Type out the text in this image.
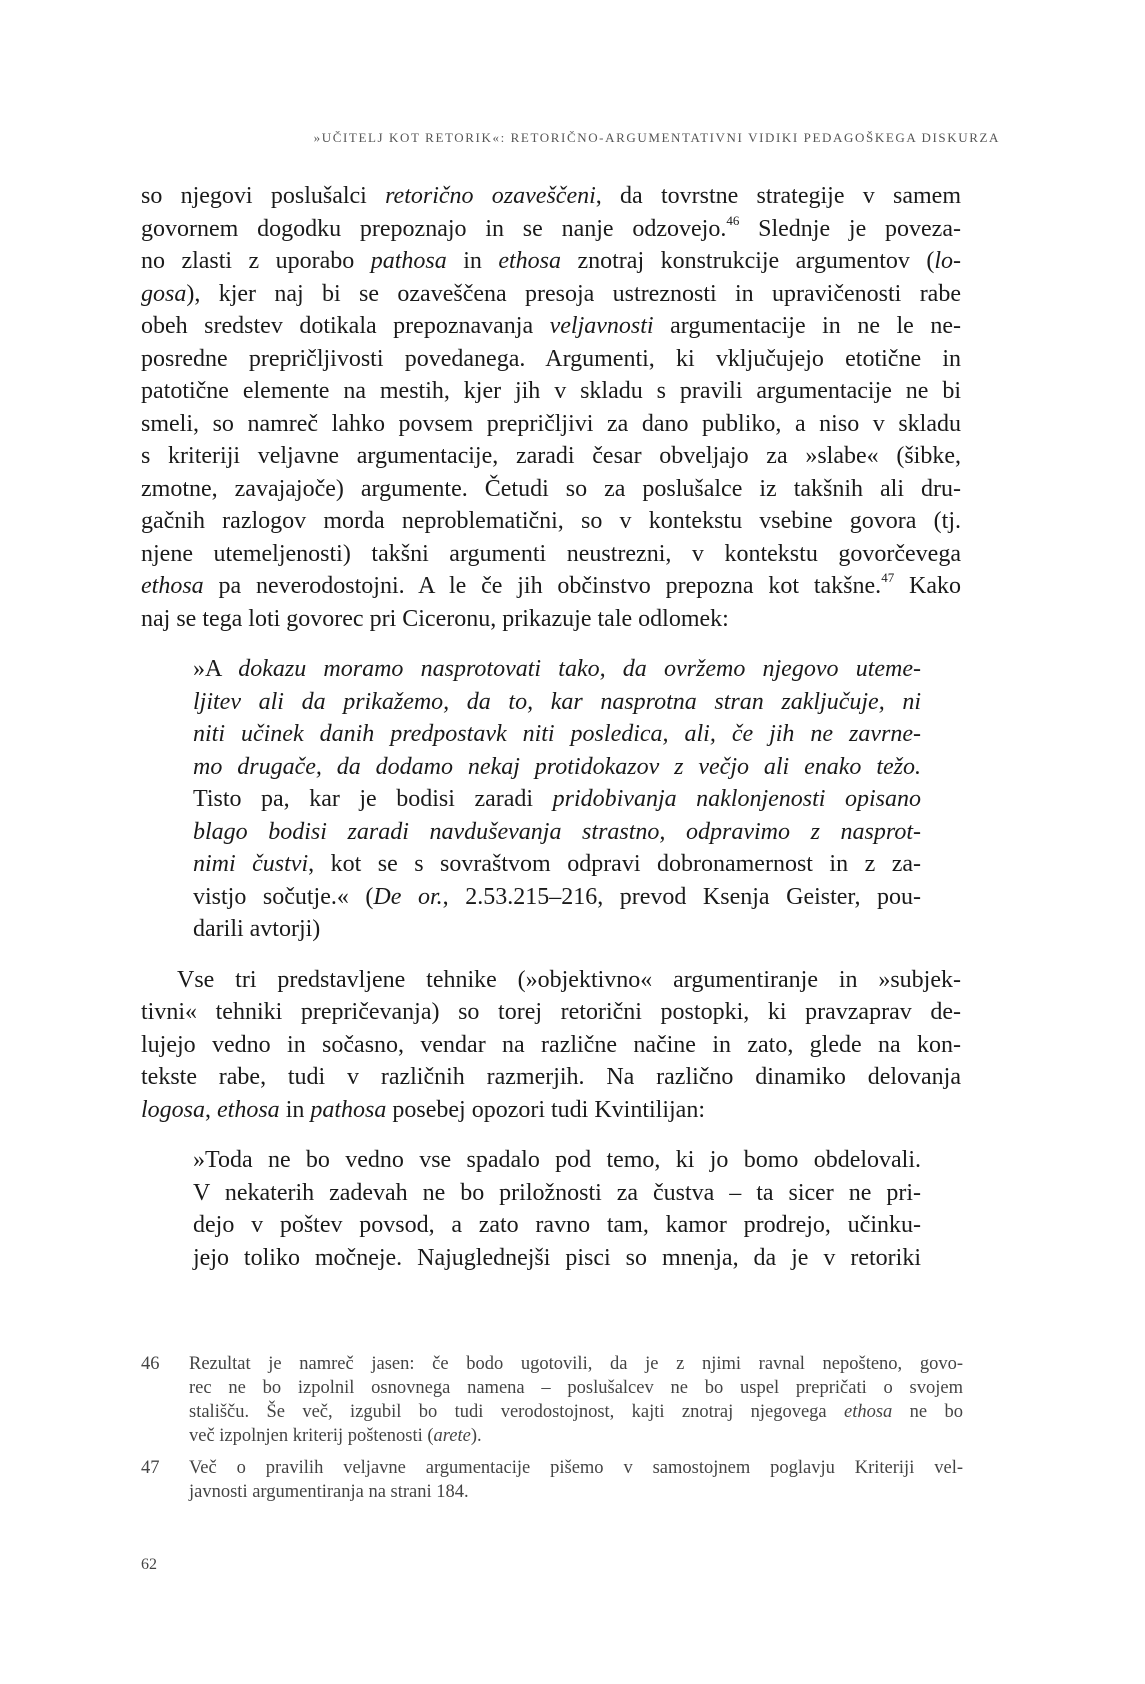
»UČITELJ KOT RETORIK«: RETORIČNO-ARGUMENTATIVNI VIDIKI PEDAGOŠKEGA DISKURZA

so njegovi poslušalci retorično ozaveščeni, da tovrstne strategije v samem
govornem dogodku prepoznajo in se nanje odzovejo.$^{46}$ Slednje je poveza-
no zlasti z uporabo pathosa in ethosa znotraj konstrukcije argumentov (lo-
gosa), kjer naj bi se ozaveščena presoja ustreznosti in upravičenosti rabe
obeh sredstev dotikala prepoznavanja veljavnosti argumentacije in ne le ne-
posredne prepričljivosti povedanega. Argumenti, ki vključujejo etotične in
patotične elemente na mestih, kjer jih v skladu s pravili argumentacije ne bi
smeli, so namreč lahko povsem prepričljivi za dano publiko, a niso v skladu
s kriteriji veljavne argumentacije, zaradi česar obveljajo za »slabe« (šibke,
zmotne, zavajajoče) argumente. Četudi so za poslušalce iz takšnih ali dru-
gačnih razlogov morda neproblematični, so v kontekstu vsebine govora (tj.
njene utemeljenosti) takšni argumenti neustrezni, v kontekstu govorčevega
ethosa pa neverodostojni. A le če jih občinstvo prepozna kot takšne.$^{47}$ Kako
naj se tega loti govorec pri Ciceronu, prikazuje tale odlomek:

»A dokazu moramo nasprotovati tako, da ovržemo njegovo uteme-
ljitev ali da prikažemo, da to, kar nasprotna stran zaključuje, ni
niti učinek danih predpostavk niti posledica, ali, če jih ne zavrne-
mo drugače, da dodamo nekaj protidokazov z večjo ali enako težo.
Tisto pa, kar je bodisi zaradi pridobivanja naklonjenosti opisano
blago bodisi zaradi navduševanja strastno, odpravimo z nasprot-
nimi čustvi, kot se s sovraštvom odpravi dobronamernost in z za-
vistjo sočutje.« (De or., 2.53.215–216, prevod Ksenja Geister, pou-
darili avtorji)

  Vse tri predstavljene tehnike (»objektivno« argumentiranje in »subjek-
tivni« tehniki prepričevanja) so torej retorični postopki, ki pravzaprav de-
lujejo vedno in sočasno, vendar na različne načine in zato, glede na kon-
tekste rabe, tudi v različnih razmerjih. Na različno dinamiko delovanja
logosa, ethosa in pathosa posebej opozori tudi Kvintilijan:

»Toda ne bo vedno vse spadalo pod temo, ki jo bomo obdelovali.
V nekaterih zadevah ne bo priložnosti za čustva – ta sicer ne pri-
dejo v poštev povsod, a zato ravno tam, kamor prodrejo, učinku-
jejo toliko močneje. Najuglednejši pisci so mnenja, da je v retoriki

46	Rezultat je namreč jasen: če bodo ugotovili, da je z njimi ravnal nepošteno, govo-
rec ne bo izpolnil osnovnega namena – poslušalcev ne bo uspel prepričati o svojem
stališču. Še več, izgubil bo tudi verodostojnost, kajti znotraj njegovega ethosa ne bo
več izpolnjen kriterij poštenosti (arete).
47	Več o pravilih veljavne argumentacije pišemo v samostojnem poglavju Kriteriji vel-
javnosti argumentiranja na strani 184.
62
